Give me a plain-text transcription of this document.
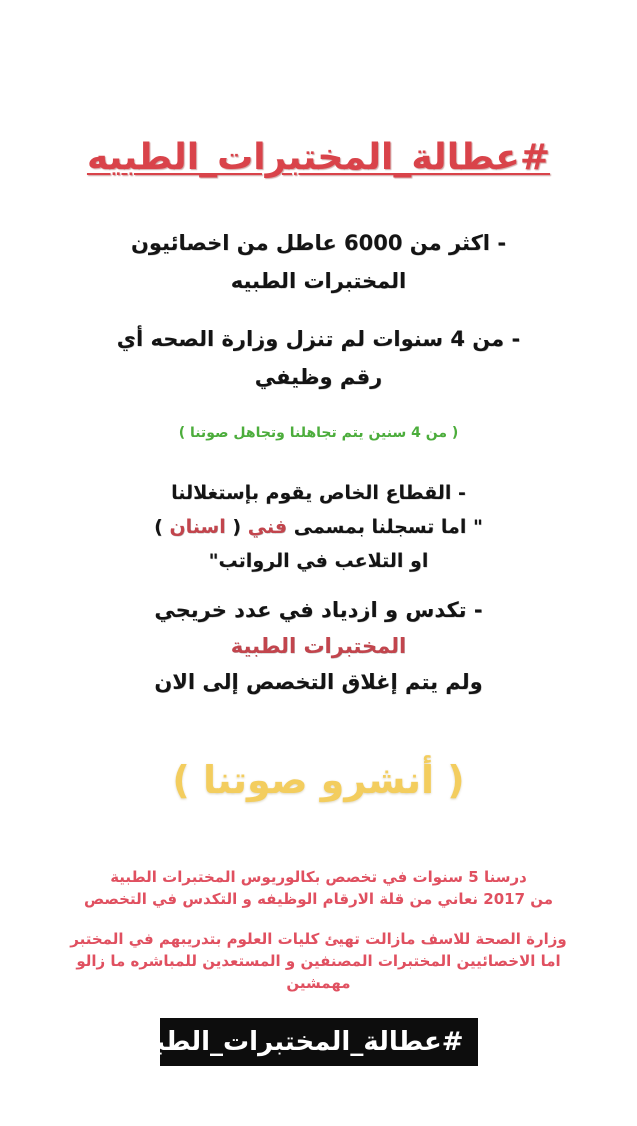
#عطالة_المختبرات_الطبيه
- اكثر من 6000 عاطل من اخصائيون
المختبرات الطبيه
- من 4 سنوات لم تنزل وزارة الصحه أي
رقم وظيفي
( من 4 سنين يتم تجاهلنا وتجاهل صوتنا )
- القطاع الخاص يقوم بإستغلالنا
" اما تسجلنا بمسمى فني ( اسنان )
او التلاعب في الرواتب"
- تكدس و ازدياد في عدد خريجي
المختبرات الطبية
ولم يتم إغلاق التخصص إلى الان
( أنشرو صوتنا )
درسنا 5 سنوات في تخصص بكالوريوس المختبرات الطبية
من 2017 نعاني من قلة الارقام الوظيفه و التكدس في التخصص
وزارة الصحة للاسف مازالت تهيئ كليات العلوم بتدريبهم في المختبر
اما الاخصائيين المختبرات المصنفين و المستعدين للمباشره ما زالو
مهمشين
#عطالة_المختبرات_الطبيه
